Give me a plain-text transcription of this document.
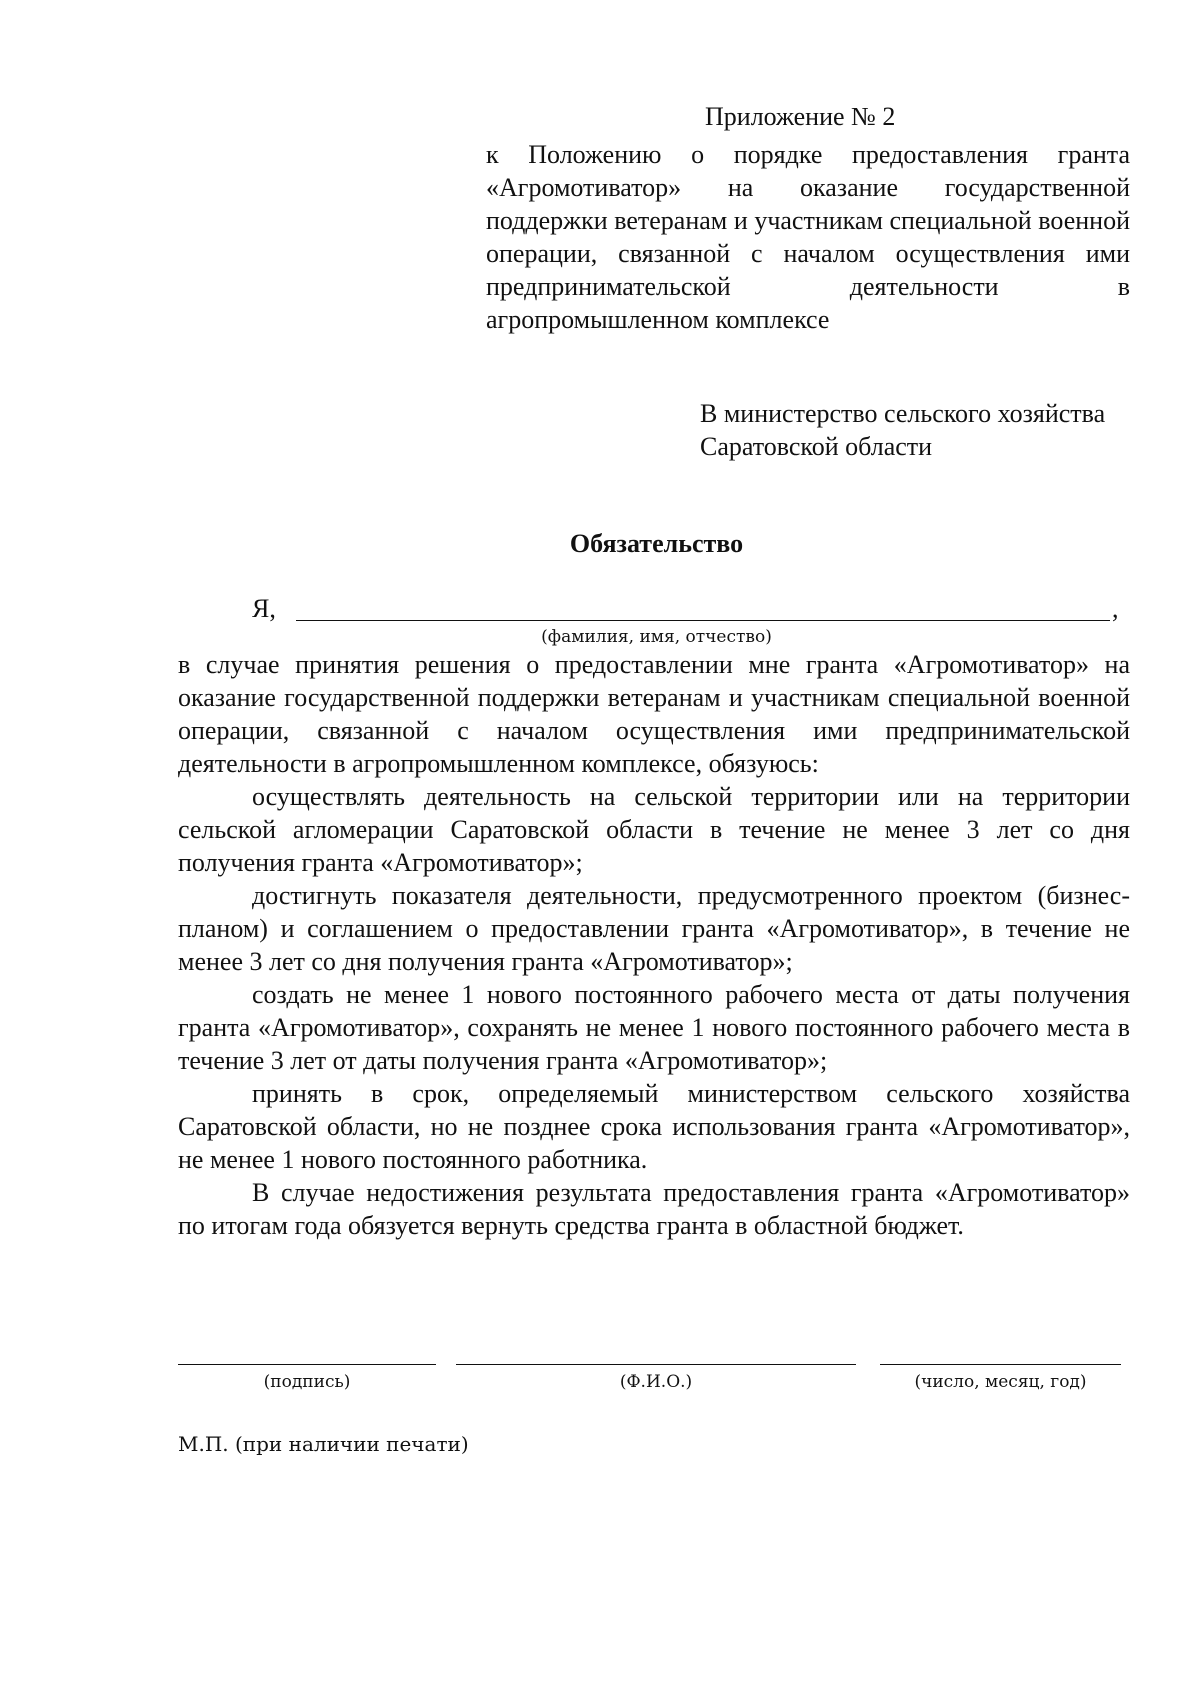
Приложение № 2

к Положению о порядке предоставления гранта «Агромотиватор» на оказание государственной поддержки ветеранам и участникам специальной военной операции, связанной с началом осуществления ими предпринимательской деятельности в агропромышленном комплексе

В министерство сельского хозяйства
Саратовской области
Обязательство
Я,	,
(фамилия, имя, отчество)

в случае принятия решения о предоставлении мне гранта «Агромотиватор» на оказание государственной поддержки ветеранам и участникам специальной военной операции, связанной с началом осуществления ими предпринимательской деятельности в агропромышленном комплексе, обязуюсь:

осуществлять деятельность на сельской территории или на территории сельской агломерации Саратовской области в течение не менее 3 лет со дня получения гранта «Агромотиватор»;

достигнуть показателя деятельности, предусмотренного проектом (бизнес-планом) и соглашением о предоставлении гранта «Агромотиватор», в течение не менее 3 лет со дня получения гранта «Агромотиватор»;

создать не менее 1 нового постоянного рабочего места от даты получения гранта «Агромотиватор», сохранять не менее 1 нового постоянного рабочего места в течение 3 лет от даты получения гранта «Агромотиватор»;

принять в срок, определяемый министерством сельского хозяйства Саратовской области, но не позднее срока использования гранта «Агромотиватор», не менее 1 нового постоянного работника.

В случае недостижения результата предоставления гранта «Агромотиватор» по итогам года обязуется вернуть средства гранта в областной бюджет.

(подпись)	(Ф.И.О.)	(число, месяц, год)
М.П. (при наличии печати)
